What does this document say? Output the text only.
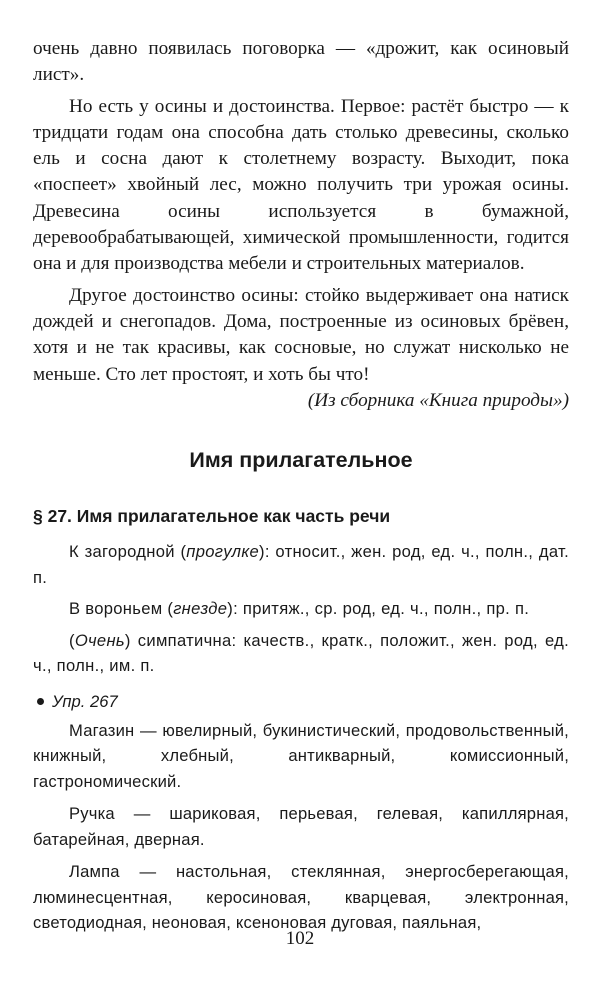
очень давно появилась поговорка — «дрожит, как осиновый лист».

Но есть у осины и достоинства. Первое: растёт быстро — к тридцати годам она способна дать столько древесины, сколько ель и сосна дают к столетнему возрасту. Выходит, пока «поспеет» хвойный лес, можно получить три урожая осины. Древесина осины используется в бумажной, деревообрабатывающей, химической промышленности, годится она и для производства мебели и строительных материалов.

Другое достоинство осины: стойко выдерживает она натиск дождей и снегопадов. Дома, построенные из осиновых брёвен, хотя и не так красивы, как сосновые, но служат нисколько не меньше. Сто лет простоят, и хоть бы что!

(Из сборника «Книга природы»)

Имя прилагательное
§ 27. Имя прилагательное как часть речи

К загородной (прогулке): относит., жен. род, ед. ч., полн., дат. п.

В вороньем (гнезде): притяж., ср. род, ед. ч., полн., пр. п.

(Очень) симпатична: качеств., кратк., положит., жен. род, ед. ч., полн., им. п.

Упр. 267

Магазин — ювелирный, букинистический, продовольственный, книжный, хлебный, антикварный, комиссионный, гастрономический.

Ручка — шариковая, перьевая, гелевая, капиллярная, батарейная, дверная.

Лампа — настольная, стеклянная, энергосберегающая, люминесцентная, керосиновая, кварцевая, электронная, светодиодная, неоновая, ксеноновая дуговая, паяльная,

102
